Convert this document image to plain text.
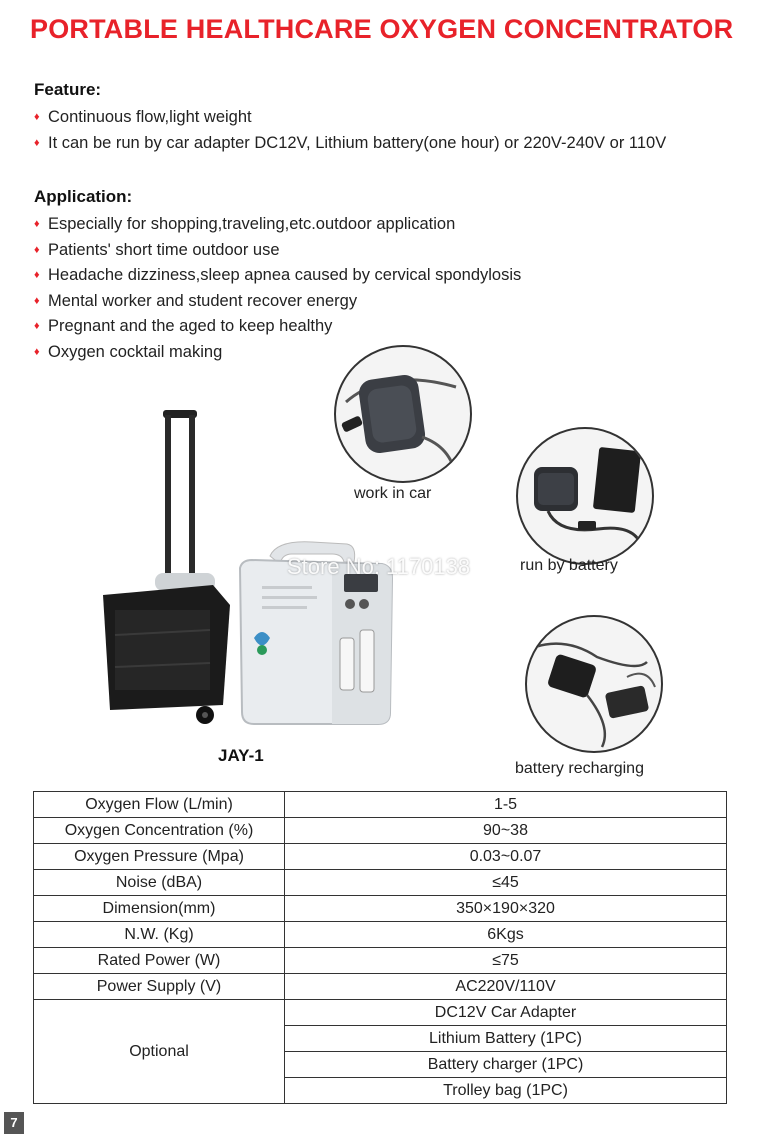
PORTABLE HEALTHCARE OXYGEN CONCENTRATOR
Feature:
♦ Continuous flow,light weight
♦ It can be run by car adapter DC12V, Lithium battery(one hour) or 220V-240V or 110V
Application:
♦ Especially for shopping,traveling,etc.outdoor application
♦ Patients' short time outdoor use
♦ Headache dizziness,sleep apnea caused by cervical spondylosis
♦ Mental worker and student recover energy
♦ Pregnant and the aged to keep healthy
♦ Oxygen cocktail making
Store No: 1170138
JAY-1
work in car
run by battery
battery recharging
Oxygen Flow (L/min)	1-5
Oxygen Concentration (%)	90~38
Oxygen Pressure (Mpa)	0.03~0.07
Noise (dBA)	≤45
Dimension(mm)	350×190×320
N.W. (Kg)	6Kgs
Rated Power (W)	≤75
Power Supply (V)	AC220V/110V
Optional	DC12V Car Adapter
	Lithium Battery (1PC)
	Battery charger (1PC)
	Trolley bag (1PC)
7
